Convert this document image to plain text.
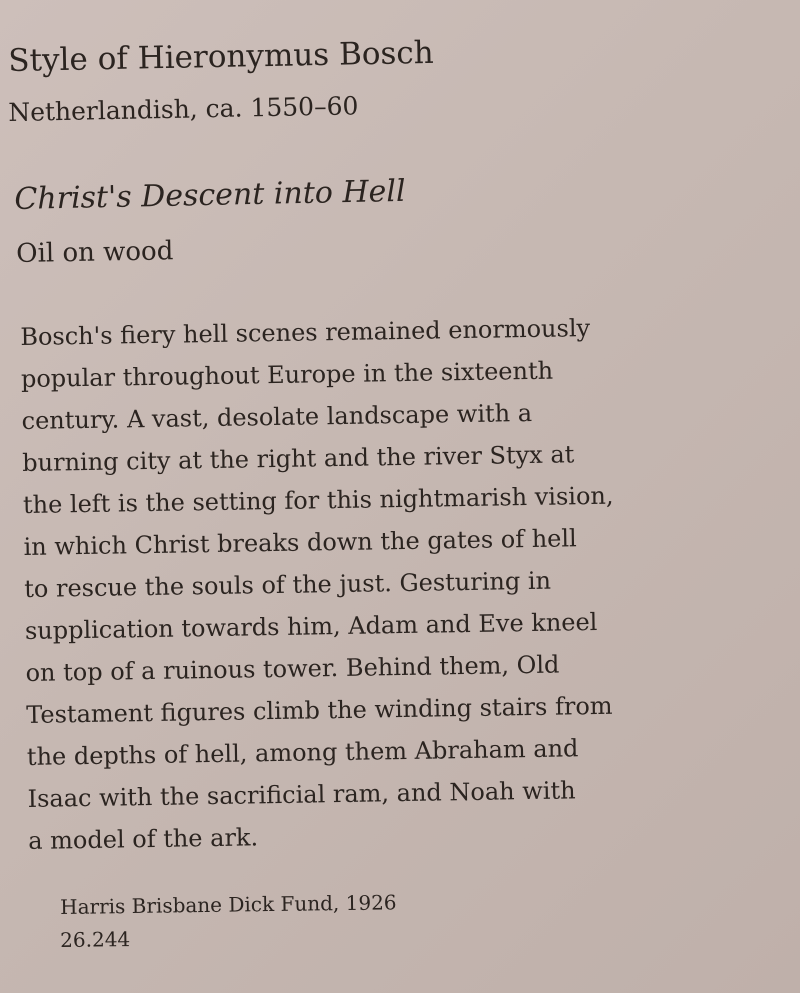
Style of Hieronymus Bosch
Netherlandish, ca. 1550–60
Christ's Descent into Hell
Oil on wood
Bosch's fiery hell scenes remained enormously
popular throughout Europe in the sixteenth
century. A vast, desolate landscape with a
burning city at the right and the river Styx at
the left is the setting for this nightmarish vision,
in which Christ breaks down the gates of hell
to rescue the souls of the just. Gesturing in
supplication towards him, Adam and Eve kneel
on top of a ruinous tower. Behind them, Old
Testament figures climb the winding stairs from
the depths of hell, among them Abraham and
Isaac with the sacrificial ram, and Noah with
a model of the ark.
Harris Brisbane Dick Fund, 1926
26.244
